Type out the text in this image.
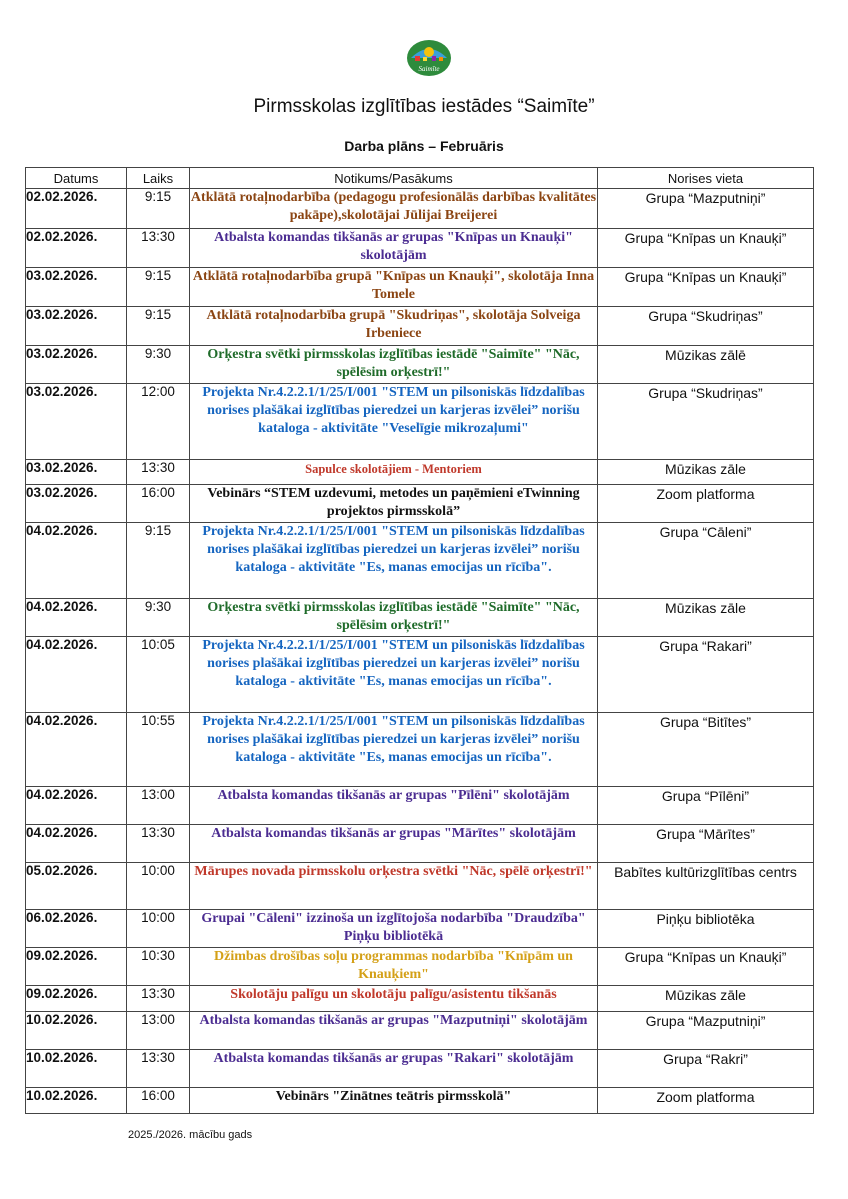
Saimīte
Pirmsskolas izglītības iestādes “Saimīte”
Darba plāns – Februāris
Datums	Laiks	Notikums/Pasākums	Norises vieta
02.02.2026.	9:15	Atklātā rotaļnodarbība (pedagogu profesionālās darbības kvalitātes pakāpe),skolotājai Jūlijai Breijerei	Grupa “Mazputniņi”
02.02.2026.	13:30	Atbalsta komandas tikšanās ar grupas "Knīpas un Knauķi" skolotājām	Grupa “Knīpas un Knauķi”
03.02.2026.	9:15	Atklātā rotaļnodarbība grupā "Knīpas un Knauķi", skolotāja Inna Tomele	Grupa “Knīpas un Knauķi”
03.02.2026.	9:15	Atklātā rotaļnodarbība grupā "Skudriņas", skolotāja Solveiga Irbeniece	Grupa “Skudriņas”
03.02.2026.	9:30	Orķestra svētki pirmsskolas izglītības iestādē "Saimīte" "Nāc, spēlēsim orķestrī!"	Mūzikas zālē
03.02.2026.	12:00	Projekta Nr.4.2.2.1/1/25/I/001 "STEM un pilsoniskās līdzdalības norises plašākai izglītības pieredzei un karjeras izvēlei” norišu kataloga - aktivitāte "Veselīgie mikrozaļumi"	Grupa “Skudriņas”
03.02.2026.	13:30	Sapulce skolotājiem - Mentoriem	Mūzikas zāle
03.02.2026.	16:00	Vebinārs “STEM uzdevumi, metodes un paņēmieni eTwinning projektos pirmsskolā”	Zoom platforma
04.02.2026.	9:15	Projekta Nr.4.2.2.1/1/25/I/001 "STEM un pilsoniskās līdzdalības norises plašākai izglītības pieredzei un karjeras izvēlei” norišu kataloga - aktivitāte "Es, manas emocijas un rīcība".	Grupa “Cāleni”
04.02.2026.	9:30	Orķestra svētki pirmsskolas izglītības iestādē "Saimīte" "Nāc, spēlēsim orķestrī!"	Mūzikas zāle
04.02.2026.	10:05	Projekta Nr.4.2.2.1/1/25/I/001 "STEM un pilsoniskās līdzdalības norises plašākai izglītības pieredzei un karjeras izvēlei” norišu kataloga - aktivitāte "Es, manas emocijas un rīcība".	Grupa “Rakari”
04.02.2026.	10:55	Projekta Nr.4.2.2.1/1/25/I/001 "STEM un pilsoniskās līdzdalības norises plašākai izglītības pieredzei un karjeras izvēlei” norišu kataloga - aktivitāte "Es, manas emocijas un rīcība".	Grupa “Bitītes”
04.02.2026.	13:00	Atbalsta komandas tikšanās ar grupas "Pīlēni" skolotājām	Grupa “Pīlēni”
04.02.2026.	13:30	Atbalsta komandas tikšanās ar grupas "Mārītes" skolotājām	Grupa “Mārītes”
05.02.2026.	10:00	Mārupes novada pirmsskolu orķestra svētki "Nāc, spēlē orķestrī!"	Babītes kultūrizglītības centrs
06.02.2026.	10:00	Grupai "Cāleni" izzinoša un izglītojoša nodarbība "Draudzība" Piņķu bibliotēkā	Piņķu bibliotēka
09.02.2026.	10:30	Džimbas drošības soļu programmas nodarbība "Knīpām un Knauķiem"	Grupa “Knīpas un Knauķi”
09.02.2026.	13:30	Skolotāju palīgu un skolotāju palīgu/asistentu tikšanās	Mūzikas zāle
10.02.2026.	13:00	Atbalsta komandas tikšanās ar grupas "Mazputniņi" skolotājām	Grupa “Mazputniņi”
10.02.2026.	13:30	Atbalsta komandas tikšanās ar grupas "Rakari" skolotājām	Grupa “Rakri”
10.02.2026.	16:00	Vebinārs "Zinātnes teātris pirmsskolā"	Zoom platforma
2025./2026. mācību gads
